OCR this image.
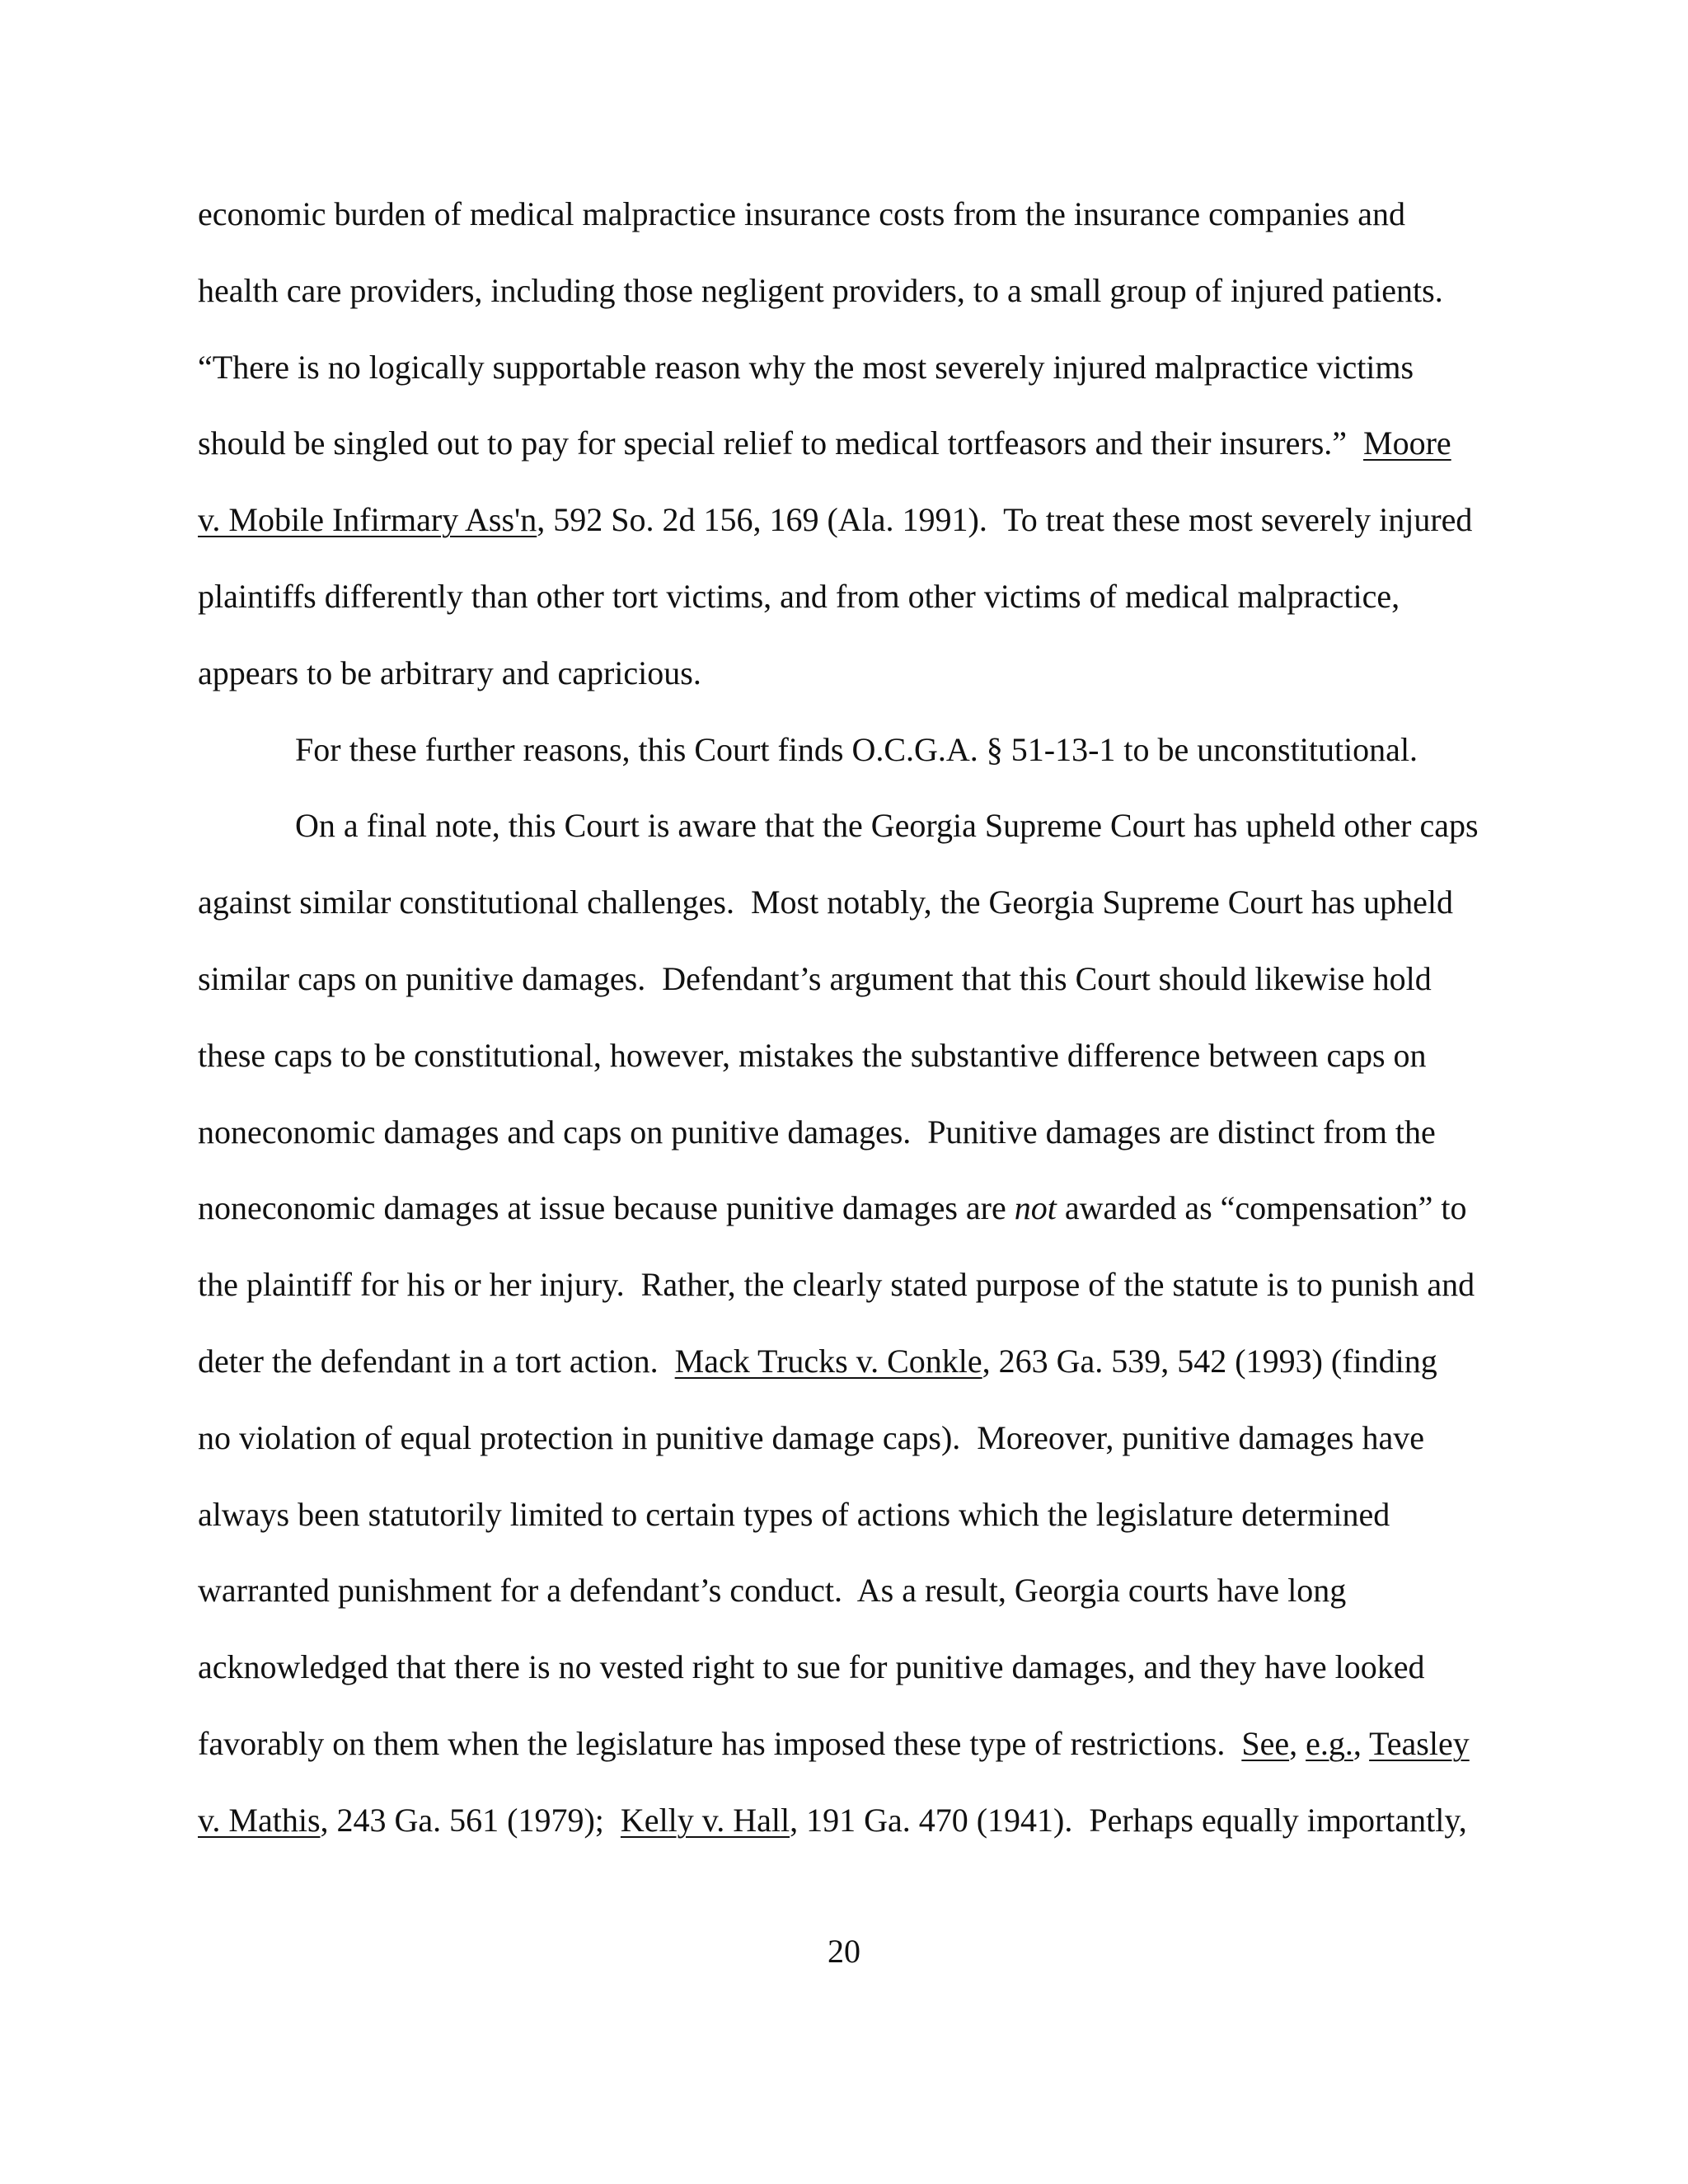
economic burden of medical malpractice insurance costs from the insurance companies and
health care providers, including those negligent providers, to a small group of injured patients.
“There is no logically supportable reason why the most severely injured malpractice victims
should be singled out to pay for special relief to medical tortfeasors and their insurers.”  Moore
v. Mobile Infirmary Ass'n, 592 So. 2d 156, 169 (Ala. 1991).  To treat these most severely injured
plaintiffs differently than other tort victims, and from other victims of medical malpractice,
appears to be arbitrary and capricious.
For these further reasons, this Court finds O.C.G.A. § 51-13-1 to be unconstitutional.
On a final note, this Court is aware that the Georgia Supreme Court has upheld other caps
against similar constitutional challenges.  Most notably, the Georgia Supreme Court has upheld
similar caps on punitive damages.  Defendant’s argument that this Court should likewise hold
these caps to be constitutional, however, mistakes the substantive difference between caps on
noneconomic damages and caps on punitive damages.  Punitive damages are distinct from the
noneconomic damages at issue because punitive damages are not awarded as “compensation” to
the plaintiff for his or her injury.  Rather, the clearly stated purpose of the statute is to punish and
deter the defendant in a tort action.  Mack Trucks v. Conkle, 263 Ga. 539, 542 (1993) (finding
no violation of equal protection in punitive damage caps).  Moreover, punitive damages have
always been statutorily limited to certain types of actions which the legislature determined
warranted punishment for a defendant’s conduct.  As a result, Georgia courts have long
acknowledged that there is no vested right to sue for punitive damages, and they have looked
favorably on them when the legislature has imposed these type of restrictions.  See, e.g., Teasley
v. Mathis, 243 Ga. 561 (1979);  Kelly v. Hall, 191 Ga. 470 (1941).  Perhaps equally importantly,
20
